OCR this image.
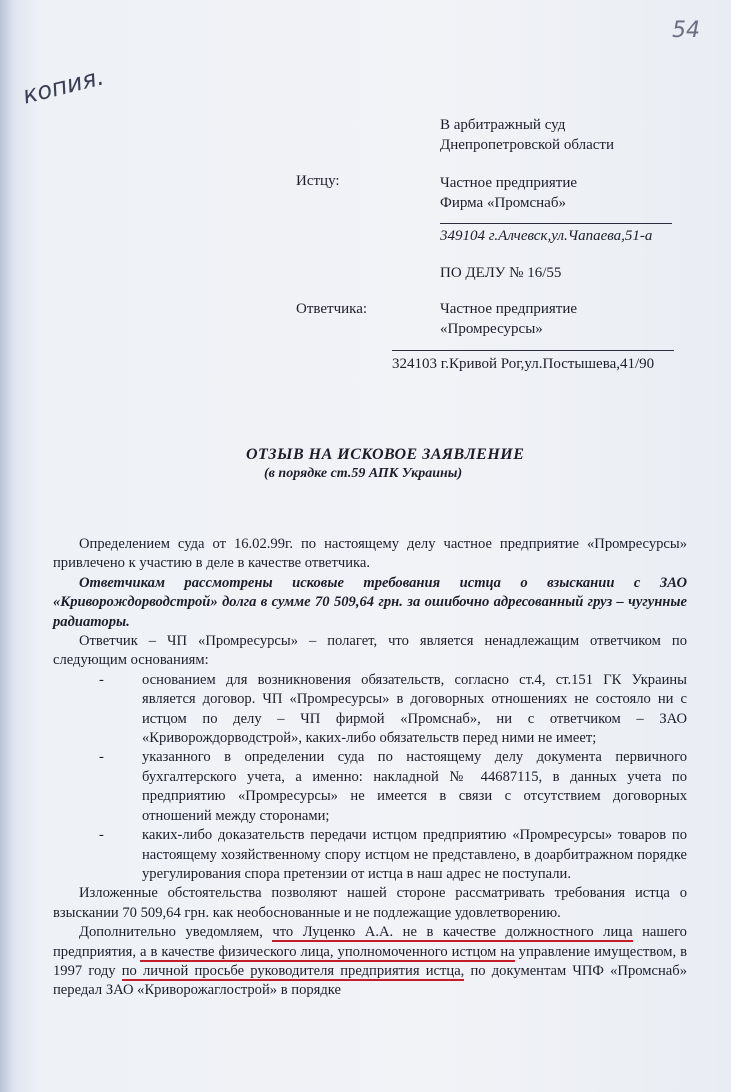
54
копия.
В арбитражный суд
Днепропетровской области
Истцу:	Частное предприятие
Фирма «Промснаб»
349104 г.Алчевск,ул.Чапаева,51-а
ПО ДЕЛУ № 16/55
Ответчика:	Частное предприятие
«Промресурсы»
324103 г.Кривой Рог,ул.Постышева,41/90
ОТЗЫВ НА ИСКОВОЕ ЗАЯВЛЕНИЕ
(в порядке ст.59 АПК Украины)

Определением суда от 16.02.99г. по настоящему делу частное предприятие «Промресурсы» привлечено к участию в деле в качестве ответчика.

Ответчикам рассмотрены исковые требования истца о взыскании с ЗАО «Криворождорводстрой» долга в сумме 70 509,64 грн. за ошибочно адресованный груз – чугунные радиаторы.

Ответчик – ЧП «Промресурсы» – полагет, что является ненадлежащим ответчиком по следующим основаниям:

-	основанием для возникновения обязательств, согласно ст.4, ст.151 ГК Украины является договор. ЧП «Промресурсы» в договорных отношениях не состояло ни с истцом по делу – ЧП фирмой «Промснаб», ни с ответчиком – ЗАО «Криворождорводстрой», каких-либо обязательств перед ними не имеет;
-	указанного в определении суда по настоящему делу документа первичного бухгалтерского учета, а именно: накладной № 44687115, в данных учета по предприятию «Промресурсы» не имеется в связи с отсутствием договорных отношений между сторонами;
-	каких-либо доказательств передачи истцом предприятию «Промресурсы» товаров по настоящему хозяйственному спору истцом не представлено, в доарбитражном порядке урегулирования спора претензии от истца в наш адрес не поступали.

Изложенные обстоятельства позволяют нашей стороне рассматривать требования истца о взыскании 70 509,64 грн. как необоснованные и не подлежащие удовлетворению.

Дополнительно уведомляем, что Луценко А.А. не в качестве должностного лица нашего предприятия, а в качестве физического лица, уполномоченного истцом на управление имуществом, в 1997 году по личной просьбе руководителя предприятия истца, по документам ЧПФ «Промснаб» передал ЗАО «Криворожаглострой» в порядке
